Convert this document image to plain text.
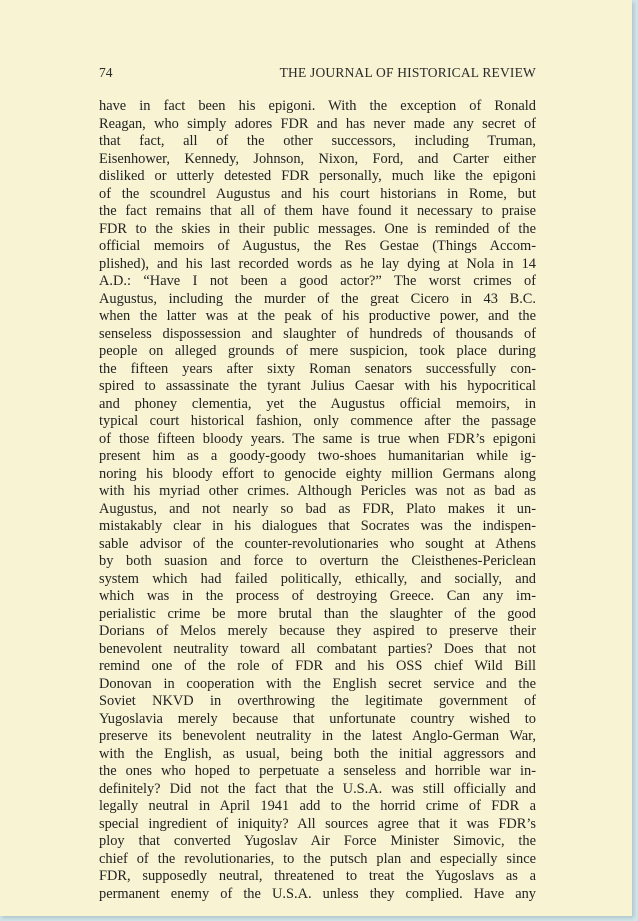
74	THE JOURNAL OF HISTORICAL REVIEW
have in fact been his epigoni. With the exception of Ronald
Reagan, who simply adores FDR and has never made any secret of
that fact, all of the other successors, including Truman,
Eisenhower, Kennedy, Johnson, Nixon, Ford, and Carter either
disliked or utterly detested FDR personally, much like the epigoni
of the scoundrel Augustus and his court historians in Rome, but
the fact remains that all of them have found it necessary to praise
FDR to the skies in their public messages. One is reminded of the
official memoirs of Augustus, the Res Gestae (Things Accom-
plished), and his last recorded words as he lay dying at Nola in 14
A.D.: “Have I not been a good actor?” The worst crimes of
Augustus, including the murder of the great Cicero in 43 B.C.
when the latter was at the peak of his productive power, and the
senseless dispossession and slaughter of hundreds of thousands of
people on alleged grounds of mere suspicion, took place during
the fifteen years after sixty Roman senators successfully con-
spired to assassinate the tyrant Julius Caesar with his hypocritical
and phoney clementia, yet the Augustus official memoirs, in
typical court historical fashion, only commence after the passage
of those fifteen bloody years. The same is true when FDR’s epigoni
present him as a goody-goody two-shoes humanitarian while ig-
noring his bloody effort to genocide eighty million Germans along
with his myriad other crimes. Although Pericles was not as bad as
Augustus, and not nearly so bad as FDR, Plato makes it un-
mistakably clear in his dialogues that Socrates was the indispen-
sable advisor of the counter-revolutionaries who sought at Athens
by both suasion and force to overturn the Cleisthenes-Periclean
system which had failed politically, ethically, and socially, and
which was in the process of destroying Greece. Can any im-
perialistic crime be more brutal than the slaughter of the good
Dorians of Melos merely because they aspired to preserve their
benevolent neutrality toward all combatant parties? Does that not
remind one of the role of FDR and his OSS chief Wild Bill
Donovan in cooperation with the English secret service and the
Soviet NKVD in overthrowing the legitimate government of
Yugoslavia merely because that unfortunate country wished to
preserve its benevolent neutrality in the latest Anglo-German War,
with the English, as usual, being both the initial aggressors and
the ones who hoped to perpetuate a senseless and horrible war in-
definitely? Did not the fact that the U.S.A. was still officially and
legally neutral in April 1941 add to the horrid crime of FDR a
special ingredient of iniquity? All sources agree that it was FDR’s
ploy that converted Yugoslav Air Force Minister Simovic, the
chief of the revolutionaries, to the putsch plan and especially since
FDR, supposedly neutral, threatened to treat the Yugoslavs as a
permanent enemy of the U.S.A. unless they complied. Have any
